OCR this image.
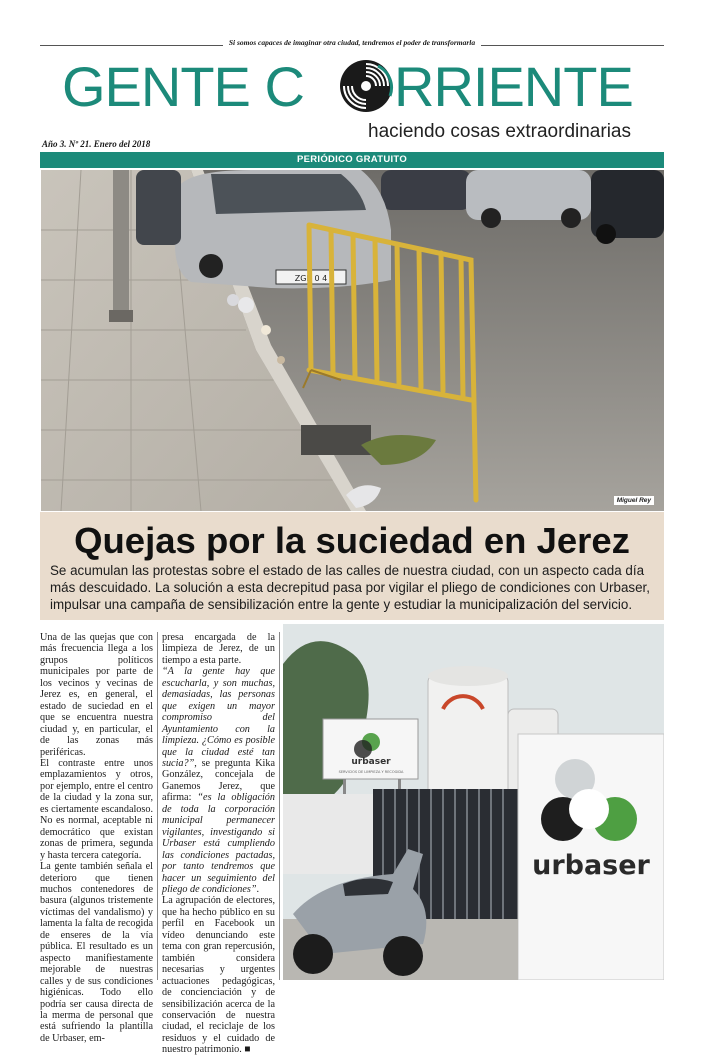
Si somos capaces de imaginar otra ciudad, tendremos el poder de transformarla
GENTE C RRIENTE
haciendo cosas extraordinarias
Año 3. Nº 21. Enero del 2018
PERIÓDICO GRATUITO
ZGB 0 4
Miguel Rey
Quejas por la suciedad en Jerez
Se acumulan las protestas sobre el estado de las calles de nuestra ciudad, con un aspecto cada día más descuidado. La solución a esta decrepitud pasa por vigilar el pliego de condiciones con Urbaser, impulsar una campaña de sensibilización entre la gente y estudiar la municipalización del servicio.

Una de las quejas que con más frecuencia llega a los grupos políticos municipales por parte de los vecinos y vecinas de Jerez es, en general, el estado de suciedad en el que se encuentra nuestra ciudad y, en particular, el de las zonas más periféricas.

El contraste entre unos emplazamientos y otros, por ejemplo, entre el centro de la ciudad y la zona sur, es ciertamente escandaloso. No es normal, aceptable ni democrático que existan zonas de primera, segunda y hasta tercera categoría.

La gente también señala el deterioro que tienen muchos contenedores de basura (algunos tristemente víctimas del vandalismo) y lamenta la falta de recogida de enseres de la vía pública. El resultado es un aspecto manifiestamente mejorable de nuestras calles y de sus condiciones higiénicas. Todo ello podría ser causa directa de la merma de personal que está sufriendo la plantilla de Urbaser, em-

presa encargada de la limpieza de Jerez, de un tiempo a esta parte.

“A la gente hay que escucharla, y son muchas, demasiadas, las personas que exigen un mayor compromiso del Ayuntamiento con la limpieza. ¿Cómo es posible que la ciudad esté tan sucia?”, se pregunta Kika González, concejala de Ganemos Jerez, que afirma: “es la obligación de toda la corporación municipal permanecer vigilantes, investigando si Urbaser está cumpliendo las condiciones pactadas, por tanto tendremos que hacer un seguimiento del pliego de condiciones”.

La agrupación de electores, que ha hecho público en su perfil en Facebook un vídeo denunciando este tema con gran repercusión, también considera necesarias y urgentes actuaciones pedagógicas, de concienciación y de sensibilización acerca de la conservación de nuestra ciudad, el reciclaje de los residuos y el cuidado de nuestro patrimonio. ■

urbaser
SERVICIOS DE LIMPIEZA Y RECOGIDA
urbaser
